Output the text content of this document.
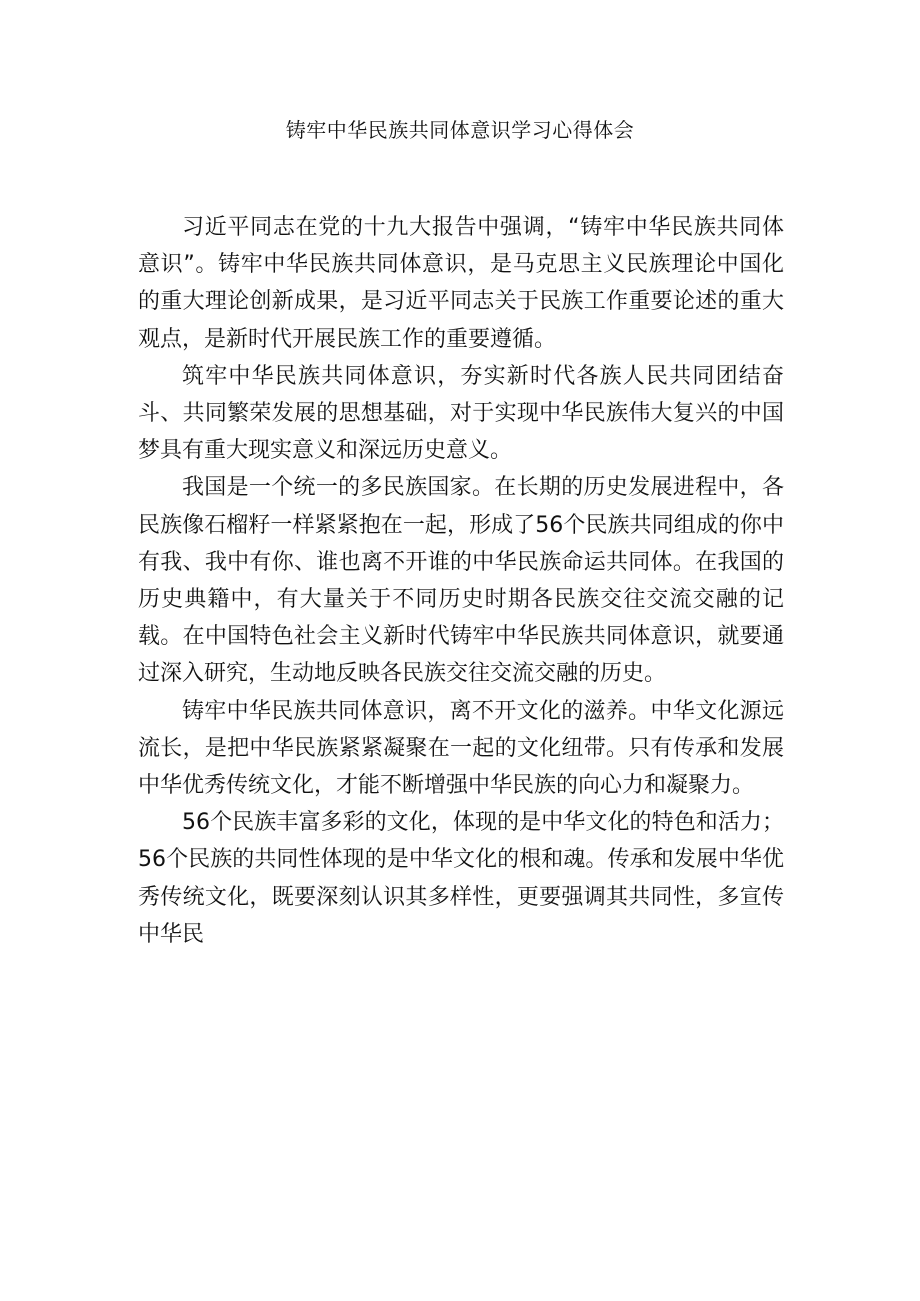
铸牢中华民族共同体意识学习心得体会

习近平同志在党的十九大报告中强调，“铸牢中华民族共同体意识”。铸牢中华民族共同体意识，是马克思主义民族理论中国化的重大理论创新成果，是习近平同志关于民族工作重要论述的重大观点，是新时代开展民族工作的重要遵循。

筑牢中华民族共同体意识，夯实新时代各族人民共同团结奋斗、共同繁荣发展的思想基础，对于实现中华民族伟大复兴的中国梦具有重大现实意义和深远历史意义。

我国是一个统一的多民族国家。在长期的历史发展进程中，各民族像石榴籽一样紧紧抱在一起，形成了56个民族共同组成的你中有我、我中有你、谁也离不开谁的中华民族命运共同体。在我国的历史典籍中，有大量关于不同历史时期各民族交往交流交融的记载。在中国特色社会主义新时代铸牢中华民族共同体意识，就要通过深入研究，生动地反映各民族交往交流交融的历史。

铸牢中华民族共同体意识，离不开文化的滋养。中华文化源远流长，是把中华民族紧紧凝聚在一起的文化纽带。只有传承和发展中华优秀传统文化，才能不断增强中华民族的向心力和凝聚力。

56个民族丰富多彩的文化，体现的是中华文化的特色和活力；56个民族的共同性体现的是中华文化的根和魂。传承和发展中华优秀传统文化，既要深刻认识其多样性，更要强调其共同性，多宣传中华民
